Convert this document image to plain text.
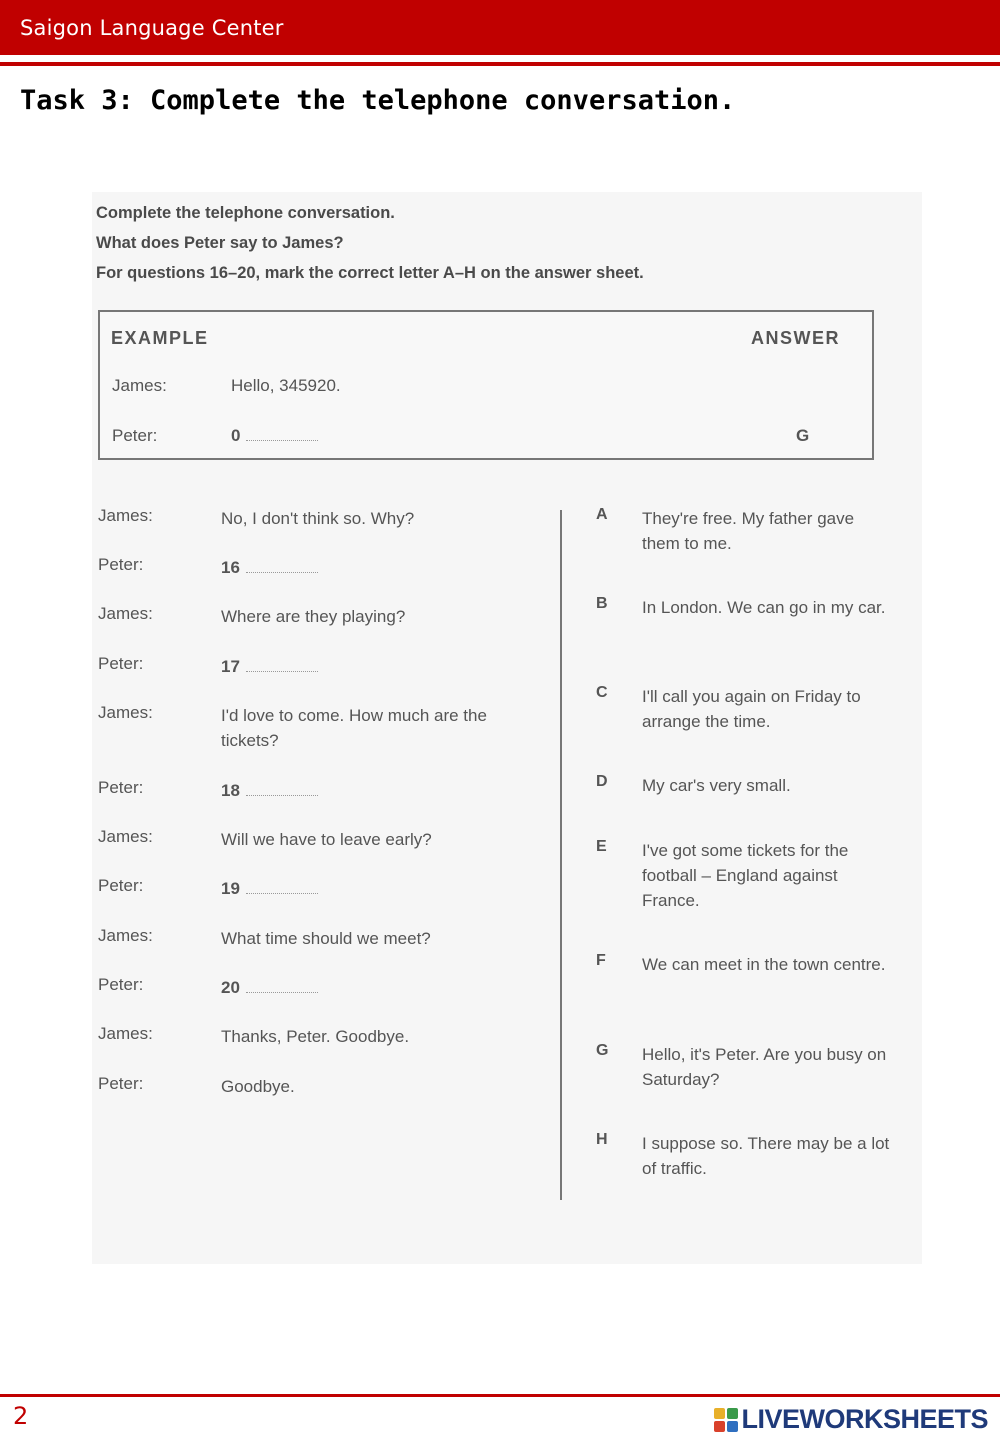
Saigon Language Center
Task 3: Complete the telephone conversation.
Complete the telephone conversation.
What does Peter say to James?
For questions 16–20, mark the correct letter A–H on the answer sheet.
EXAMPLE	ANSWER
James:	Hello, 345920.
Peter:	0	G
James:	No, I don't think so. Why?
Peter:	16
James:	Where are they playing?
Peter:	17
James:	I'd love to come. How much are the tickets?
Peter:	18
James:	Will we have to leave early?
Peter:	19
James:	What time should we meet?
Peter:	20
James:	Thanks, Peter. Goodbye.
Peter:	Goodbye.
A They're free. My father gave them to me.
B In London. We can go in my car.
C I'll call you again on Friday to arrange the time.
D My car's very small.
E I've got some tickets for the football – England against France.
F We can meet in the town centre.
G Hello, it's Peter. Are you busy on Saturday?
H I suppose so. There may be a lot of traffic.
2	LIVEWORKSHEETS
